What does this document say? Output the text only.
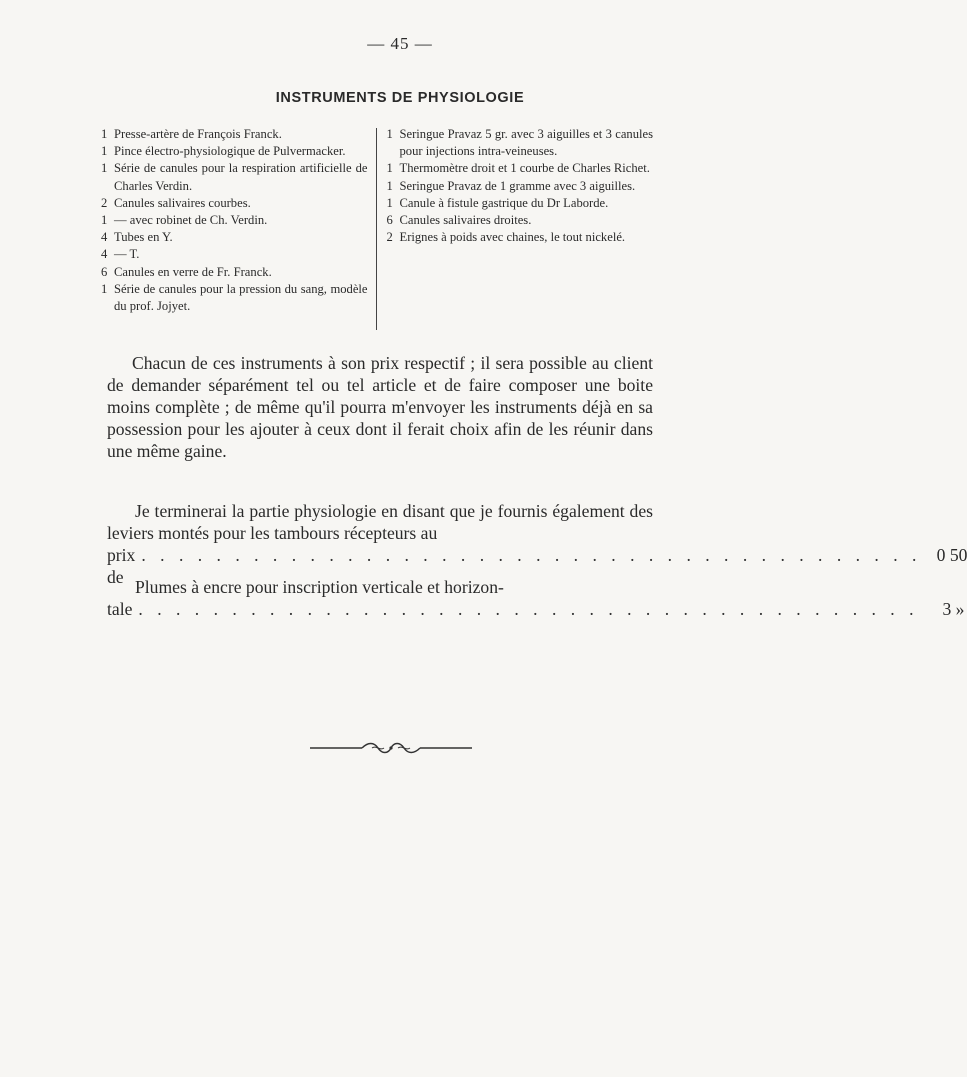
— 45 —
INSTRUMENTS DE PHYSIOLOGIE
1 Presse-artère de François Franck.
1 Pince électro-physiologique de Pulvermacker.
1 Série de canules pour la respiration artificielle de Charles Verdin.
2 Canules salivaires courbes.
1 — avec robinet de Ch. Verdin.
4 Tubes en Y.
4 — T.
6 Canules en verre de Fr. Franck.
1 Série de canules pour la pression du sang, modèle du prof. Jojyet.
1 Seringue Pravaz 5 gr. avec 3 aiguilles et 3 canules pour injections intra-veineuses.
1 Thermomètre droit et 1 courbe de Charles Richet.
1 Seringue Pravaz de 1 gramme avec 3 aiguilles.
1 Canule à fistule gastrique du Dr Laborde.
6 Canules salivaires droites.
2 Erignes à poids avec chaines, le tout nickelé.

Chacun de ces instruments à son prix respectif ; il sera possible au client de demander séparément tel ou tel article et de faire composer une boite moins complète ; de même qu'il pourra m'envoyer les instruments déjà en sa possession pour les ajouter à ceux dont il ferait choix afin de les réunir dans une même gaine.

Je terminerai la partie physiologie en disant que je fournis également des leviers montés pour les tambours récepteurs au

prix de
. . . . . . . . . . . . . . . . . . . . . . . . . . . . . . . . . . . . . . . . . . 0 50

Plumes à encre pour inscription verticale et horizon-

tale . . . . . . . . . . . . . . . . . . . . . . . . . . . . . . . . . . . . . . . . . .	3 »
